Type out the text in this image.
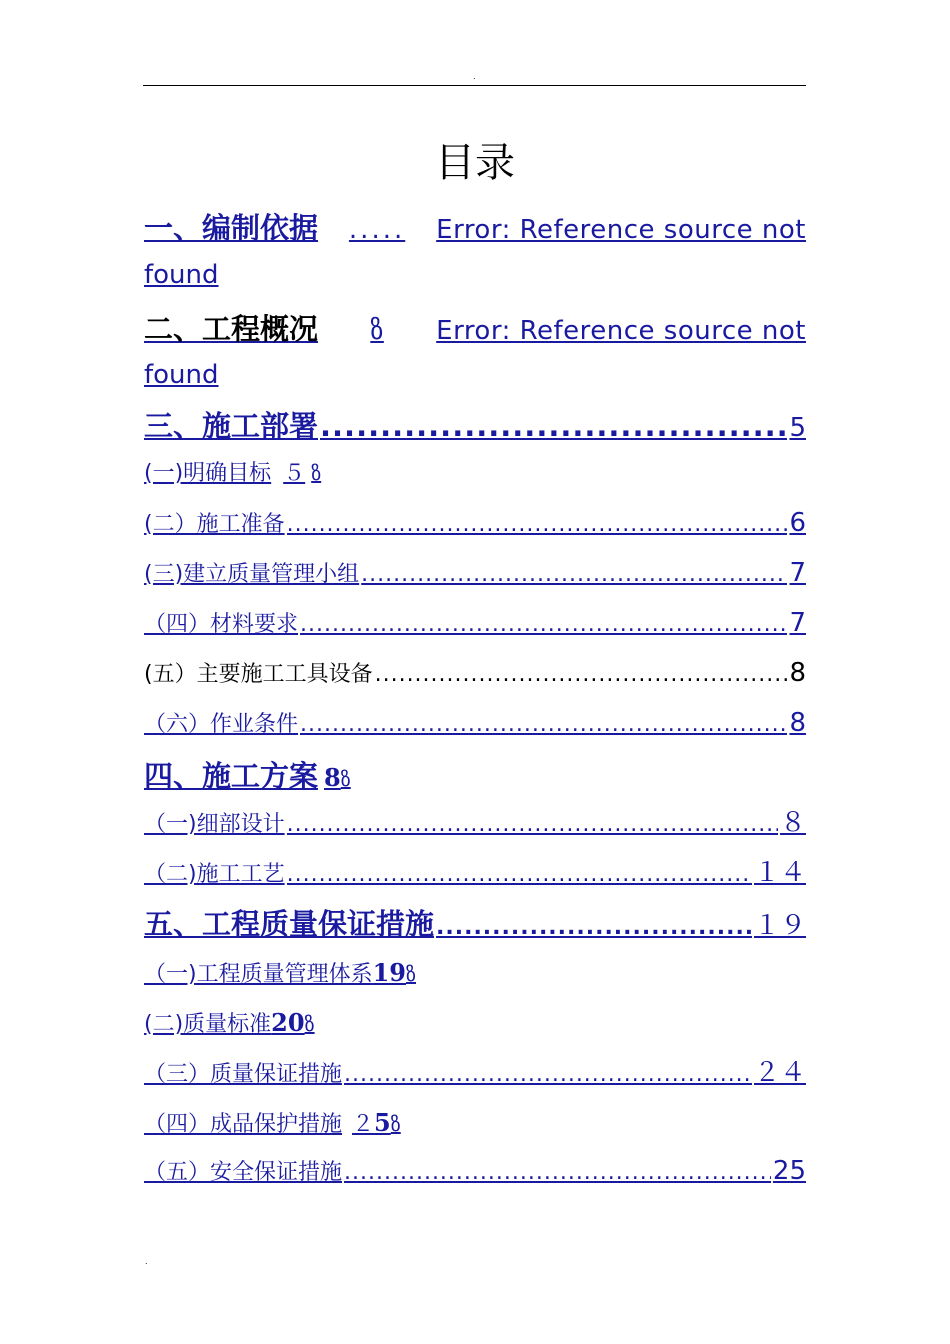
.
目录
一、编制依据 ..... Error: Reference source not
found
二、工程概况 ზ Error: Reference source not
found
三、施工部署 .....	5
(一)明确目标 ５ ზ
(二）施工准备 .....	6
(三)建立质量管理小组 .....	7
（四）材料要求 .....	7
(五）主要施工工具设备 .....	8
（六）作业条件 .....	8
四、施工方案 8 ზ
（一)细部设计 .....	８
（二)施工工艺 .....	１４
五、工程质量保证措施 .....	１９
（一)工程质量管理体系 19 ზ
(二)质量标准 20 ზ
（三）质量保证措施 .....	２４
（四）成品保护措施 ２ 5 ზ
（五）安全保证措施 .....	25
.
